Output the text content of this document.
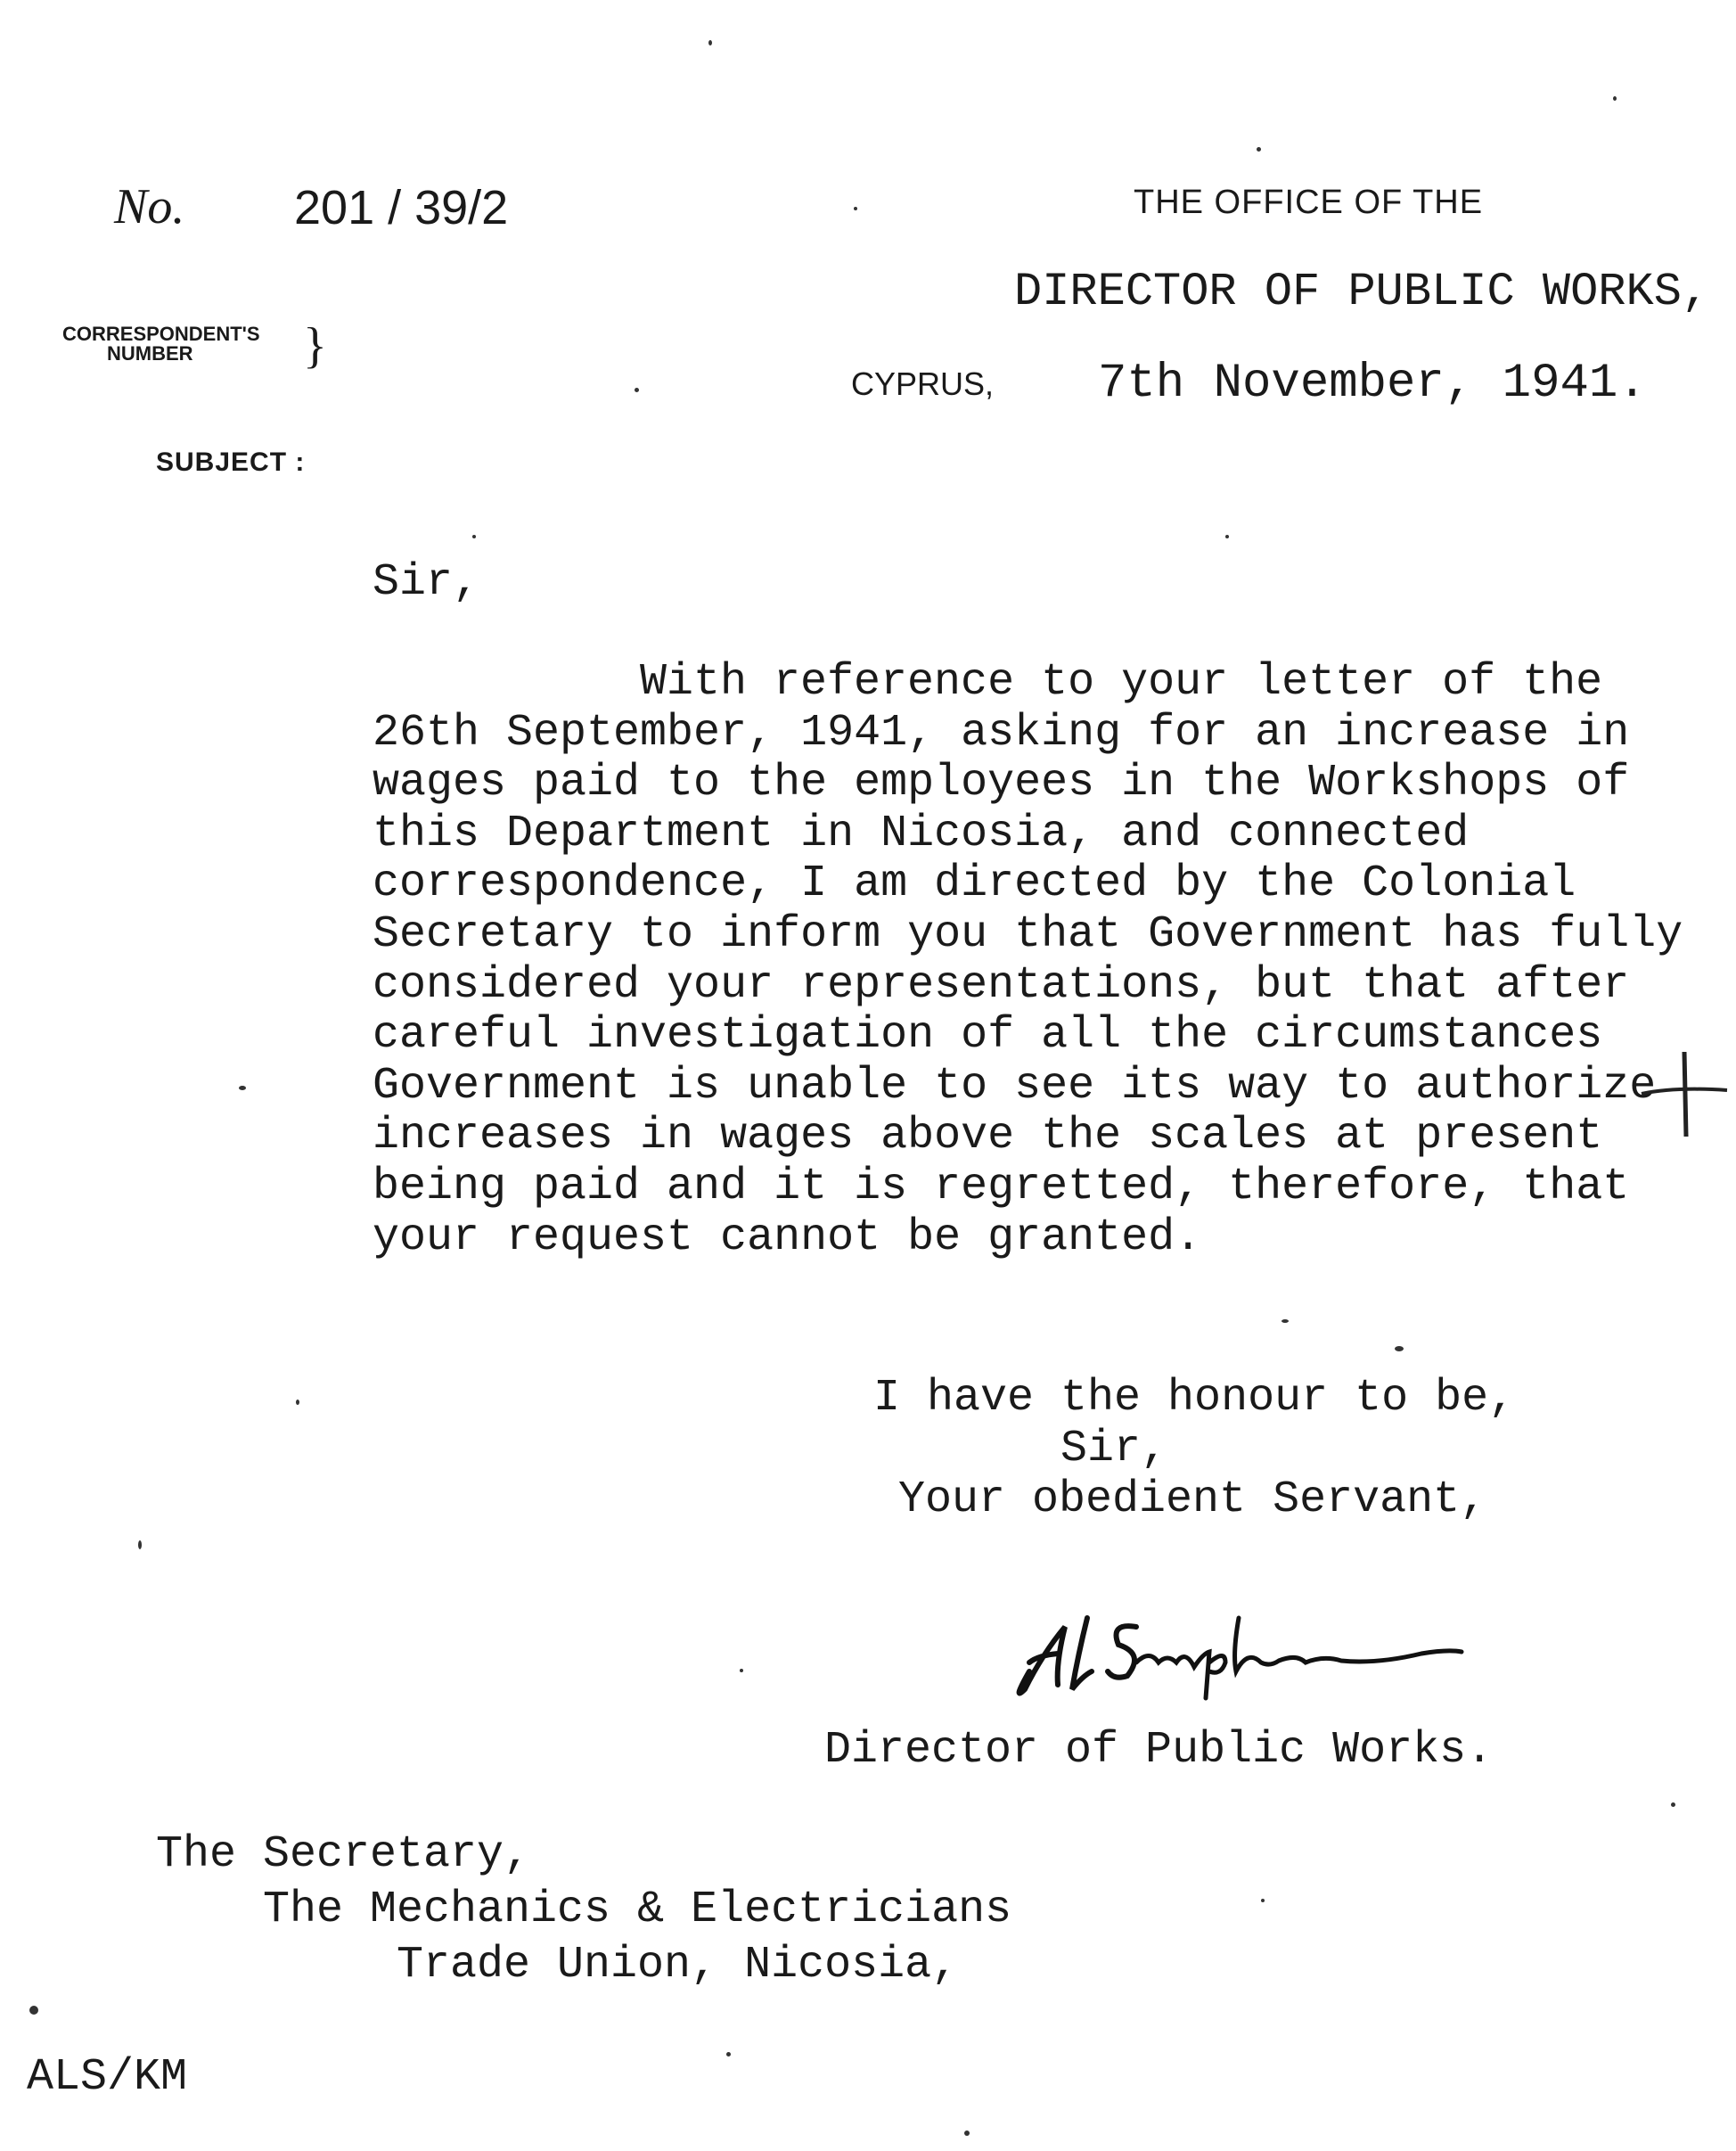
No. 201 / 39/2	THE OFFICE OF THE
DIRECTOR OF PUBLIC WORKS,
CORRESPONDENT'S
NUMBER	}
CYPRUS, 7th November, 1941.
SUBJECT :
Sir,
With reference to your letter of the
26th September, 1941, asking for an increase in
wages paid to the employees in the Workshops of
this Department in Nicosia, and connected
correspondence, I am directed by the Colonial
Secretary to inform you that Government has fully
considered your representations, but that after
careful investigation of all the circumstances
Government is unable to see its way to authorize
increases in wages above the scales at present
being paid and it is regretted, therefore, that
your request cannot be granted.
I have the honour to be,
Sir,
Your obedient Servant,
Director of Public Works.
The Secretary,
The Mechanics & Electricians
Trade Union, Nicosia,
ALS/KM
